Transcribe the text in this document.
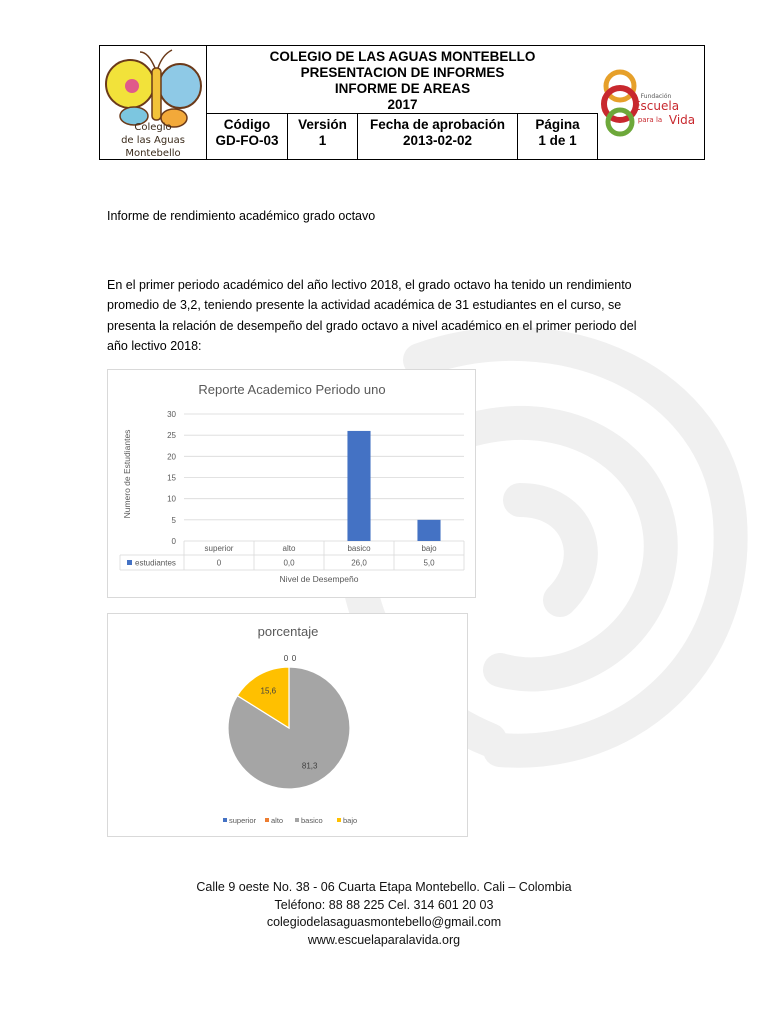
Colegio
de las Aguas
Montebello
COLEGIO DE LAS AGUAS MONTEBELLO
PRESENTACION DE INFORMES
INFORME DE AREAS
2017
Código
GD-FO-03
Versión
1
Fecha de aprobación
2013-02-02
Página
1 de 1
Fundación
Escuela
para la Vida
Informe de rendimiento académico grado octavo
En el primer periodo académico del año lectivo 2018, el grado octavo ha tenido un rendimiento
promedio de 3,2, teniendo presente la actividad académica de 31 estudiantes en el curso, se
presenta la relación de desempeño del grado octavo a nivel académico en el primer periodo del
año lectivo 2018:
Reporte Academico Periodo uno
Numero de Estudiantes
Nivel de Desempeño
0
5
10
15
20
25
30
estudiantes
superior
0
alto
0,0
basico
26,0
bajo
5,0
porcentaje
0 0
81,3
15,6
superior alto basico	bajo
Calle 9 oeste No. 38 - 06 Cuarta Etapa Montebello. Cali – Colombia
Teléfono: 88 88 225 Cel. 314 601 20 03
colegiodelasaguasmontebello@gmail.com
www.escuelaparalavida.org
